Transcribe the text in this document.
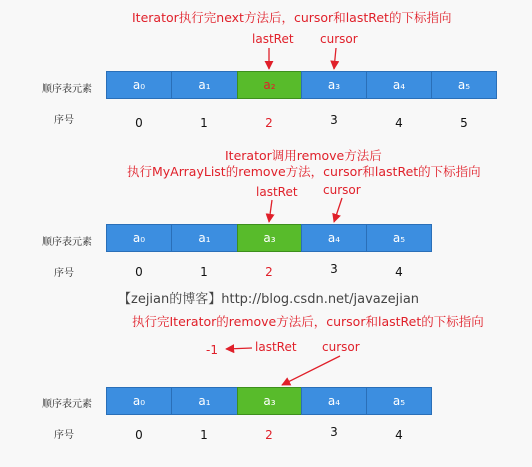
Iterator执行完next方法后，cursor和lastRet的下标指向
lastRet cursor
顺序表元素
序号
a₀	a₁	a₂	a₃	a₄	a₅
0	1	2	3	4	5
Iterator调用remove方法后
执行MyArrayList的remove方法，cursor和lastRet的下标指向
lastRet cursor
顺序表元素
序号
a₀	a₁	a₃	a₄	a₅
0	1	2	3	4
【zejian的博客】http://blog.csdn.net/javazejian
执行完Iterator的remove方法后，cursor和lastRet的下标指向
-1	lastRet cursor
顺序表元素
序号
a₀	a₁	a₃	a₄	a₅
0	1	2	3	4
